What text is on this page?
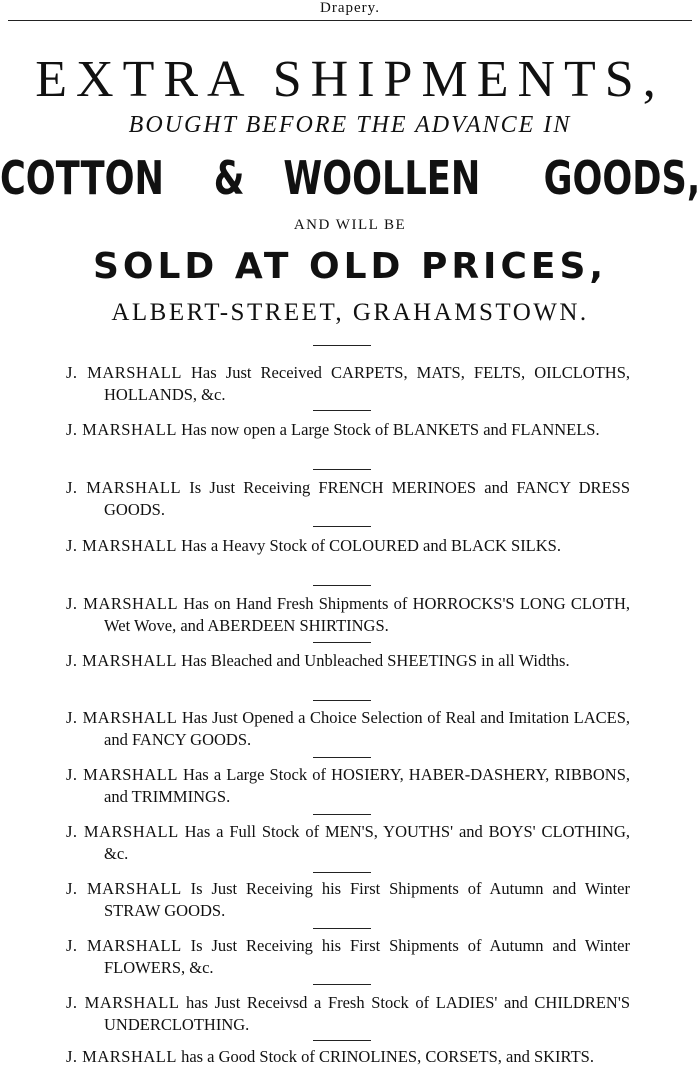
Drapery.
EXTRA SHIPMENTS,
BOUGHT BEFORE THE ADVANCE IN
COTTON & WOOLLEN GOODS,
AND WILL BE
SOLD AT OLD PRICES,
ALBERT-STREET, GRAHAMSTOWN.
J. MARSHALL Has Just Received CARPETS, MATS, FELTS, OILCLOTHS, HOLLANDS, &c.
J. MARSHALL Has now open a Large Stock of BLANKETS and FLANNELS.
J. MARSHALL Is Just Receiving FRENCH MERINOES and FANCY DRESS GOODS.
J. MARSHALL Has a Heavy Stock of COLOURED and BLACK SILKS.
J. MARSHALL Has on Hand Fresh Shipments of HORROCKS'S LONG CLOTH, Wet Wove, and ABERDEEN SHIRTINGS.
J. MARSHALL Has Bleached and Unbleached SHEETINGS in all Widths.
J. MARSHALL Has Just Opened a Choice Selection of Real and Imitation LACES, and FANCY GOODS.
J. MARSHALL Has a Large Stock of HOSIERY, HABER-DASHERY, RIBBONS, and TRIMMINGS.
J. MARSHALL Has a Full Stock of MEN'S, YOUTHS' and BOYS' CLOTHING, &c.
J. MARSHALL Is Just Receiving his First Shipments of Autumn and Winter STRAW GOODS.
J. MARSHALL Is Just Receiving his First Shipments of Autumn and Winter FLOWERS, &c.
J. MARSHALL has Just Receivsd a Fresh Stock of LADIES' and CHILDREN'S UNDERCLOTHING.
J. MARSHALL has a Good Stock of CRINOLINES, CORSETS, and SKIRTS.
